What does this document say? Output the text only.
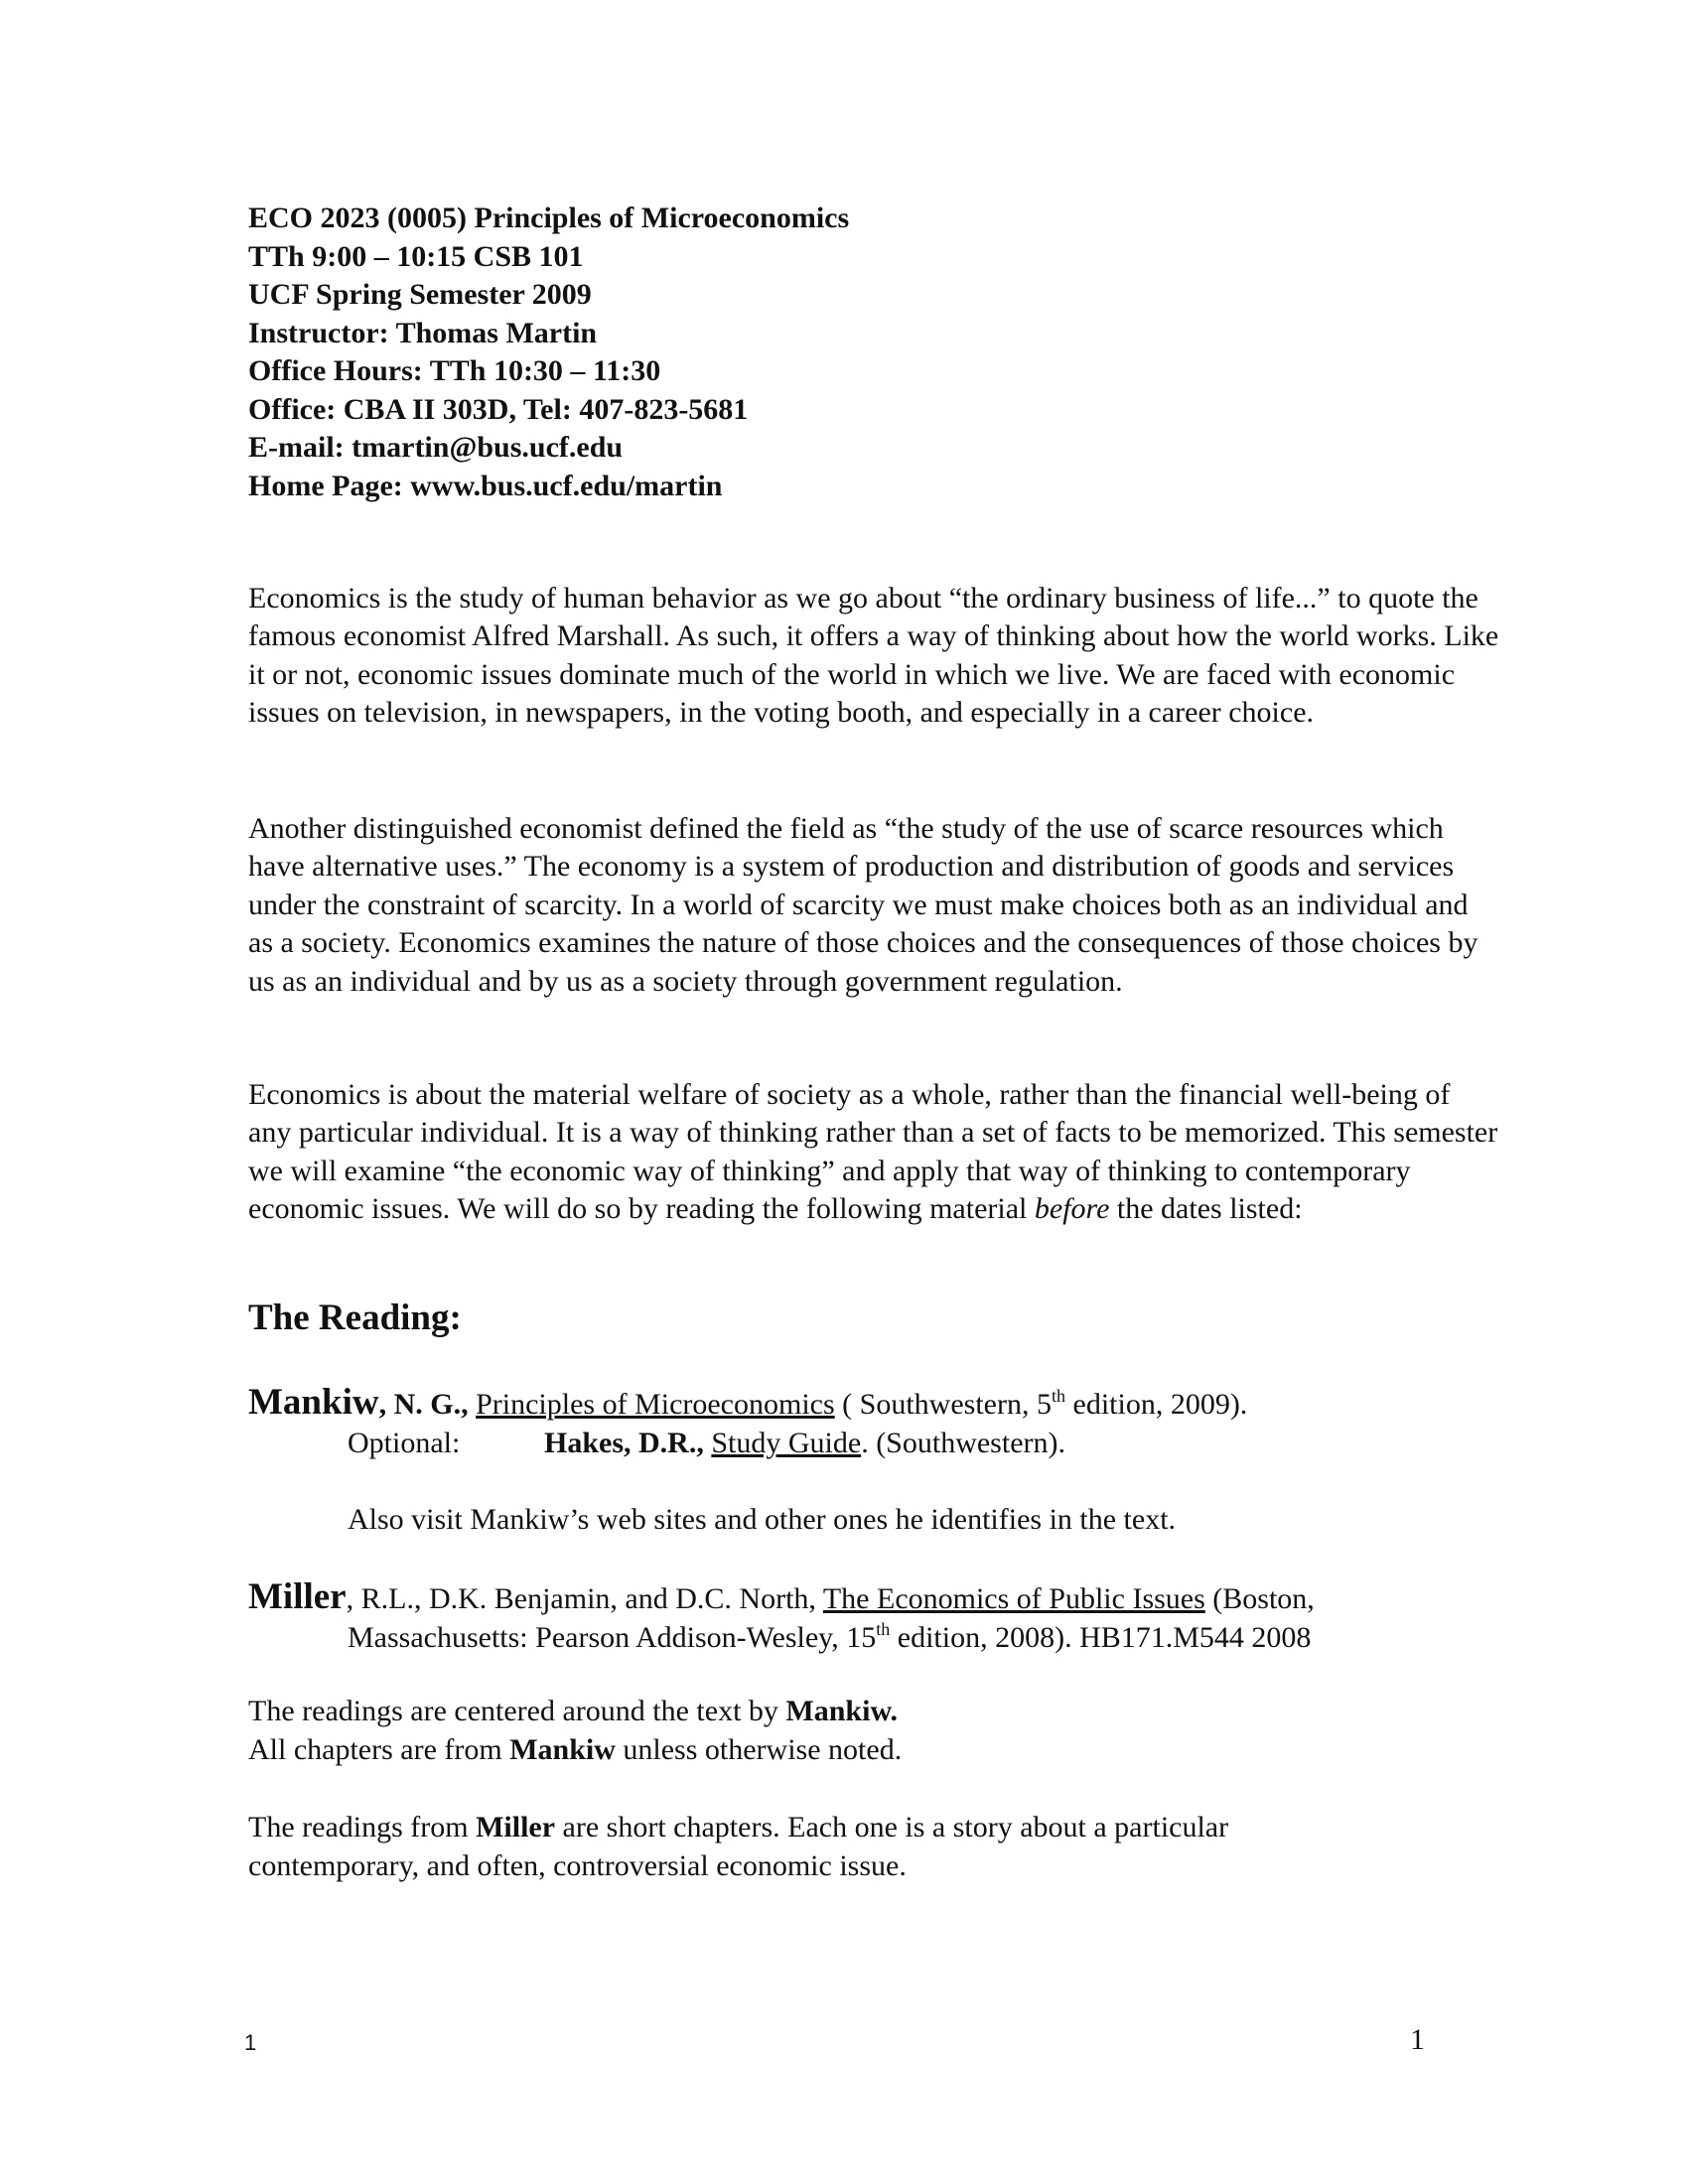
ECO 2023 (0005) Principles of Microeconomics
TTh 9:00 – 10:15 CSB 101
UCF Spring Semester 2009
Instructor: Thomas Martin
Office Hours: TTh 10:30 – 11:30
Office: CBA II 303D, Tel: 407-823-5681
E-mail: tmartin@bus.ucf.edu
Home Page: www.bus.ucf.edu/martin
Economics is the study of human behavior as we go about “the ordinary business of life...” to quote the famous economist Alfred Marshall. As such, it offers a way of thinking about how the world works. Like it or not, economic issues dominate much of the world in which we live. We are faced with economic issues on television, in newspapers, in the voting booth, and especially in a career choice.
Another distinguished economist defined the field as “the study of the use of scarce resources which have alternative uses.” The economy is a system of production and distribution of goods and services under the constraint of scarcity. In a world of scarcity we must make choices both as an individual and as a society. Economics examines the nature of those choices and the consequences of those choices by us as an individual and by us as a society through government regulation.
Economics is about the material welfare of society as a whole, rather than the financial well-being of any particular individual. It is a way of thinking rather than a set of facts to be memorized. This semester we will examine “the economic way of thinking” and apply that way of thinking to contemporary economic issues. We will do so by reading the following material before the dates listed:
The Reading:
Mankiw, N. G., Principles of Microeconomics ( Southwestern, 5th edition, 2009).
Optional:	Hakes, D.R., Study Guide. (Southwestern).
Also visit Mankiw’s web sites and other ones he identifies in the text.
Miller, R.L., D.K. Benjamin, and D.C. North, The Economics of Public Issues (Boston,
Massachusetts: Pearson Addison-Wesley, 15th edition, 2008). HB171.M544 2008
The readings are centered around the text by Mankiw.
All chapters are from Mankiw unless otherwise noted.
The readings from Miller are short chapters. Each one is a story about a particular
contemporary, and often, controversial economic issue.
1	1
